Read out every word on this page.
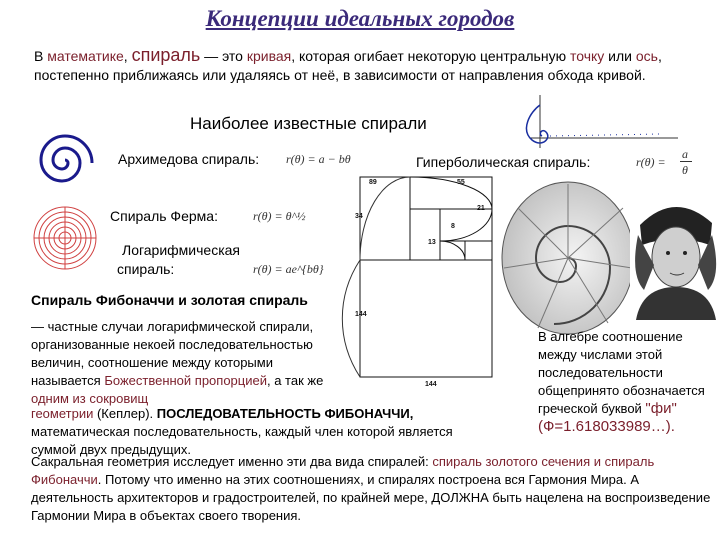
Концепции идеальных городов
В математике, спираль — это кривая, которая огибает некоторую центральную точку или ось, постепенно приближаясь или удаляясь от неё, в зависимости от направления обхода кривой.
Наиболее известные спирали
Архимедова спираль: r(θ) = a − bθ	Гиперболическая спираль:	r(θ) =
a
θ
Спираль Ферма:	r(θ) = θ^½
Логарифмическая
спираль:	r(θ) = ae^{bθ}
89	55
21
13
8
34
144
144
Спираль Фибоначчи и золотая спираль
— частные случаи логарифмической спирали,
организованные некоей последовательностью
величин, соотношение между которыми
называется Божественной пропорцией, а так же
одним из сокровищ
геометрии (Кеплер). ПОСЛЕДОВАТЕЛЬНОСТЬ ФИБОНАЧЧИ,
математическая последовательность, каждый член которой является
суммой двух предыдущих.
В алгебре соотношение
между числами этой
последовательности
общепринято обозначается
греческой буквой "фи"
(Ф=1.618033989…).
Сакральная геометрия исследует именно эти два вида спиралей: спираль золотого сечения и спираль Фибоначчи. Потому что именно на этих соотношениях, и спиралях построена вся Гармония Мира. А деятельность архитекторов и градостроителей, по крайней мере, ДОЛЖНА быть нацелена на воспроизведение Гармонии Мира в объектах своего творения.
